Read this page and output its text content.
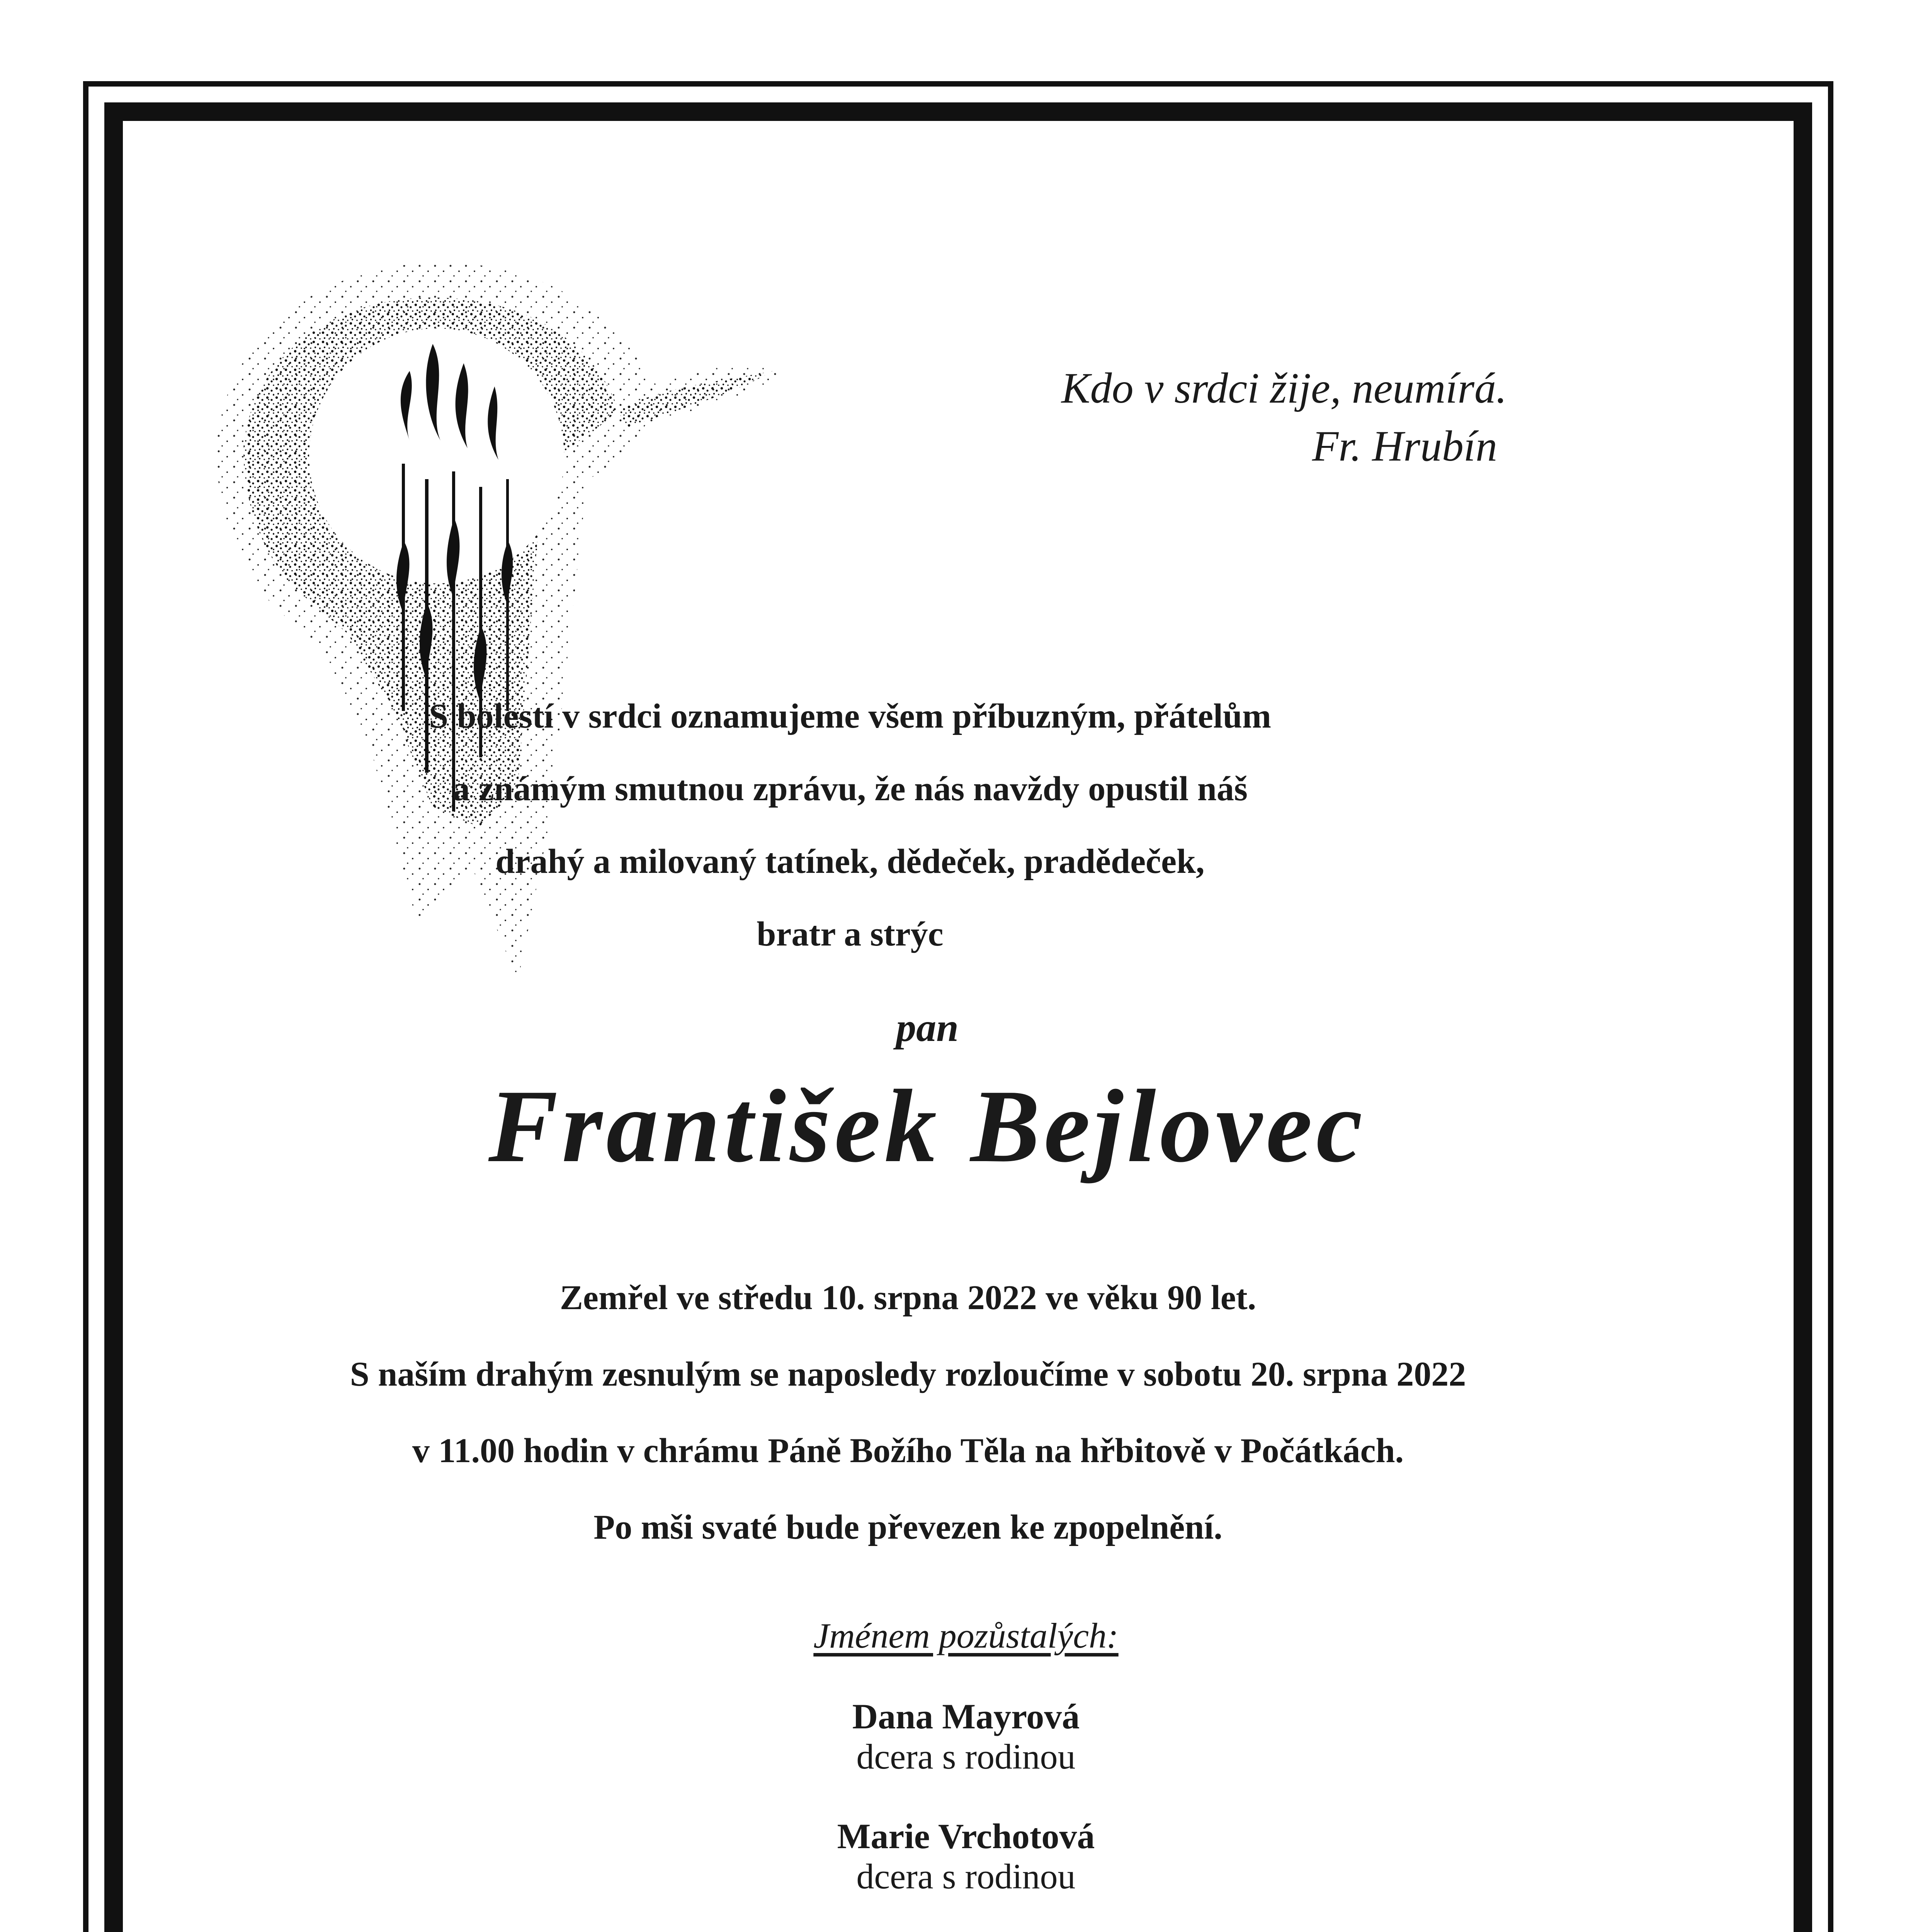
Kdo v srdci žije, neumírá.
Fr. Hrubín
S bolestí v srdci oznamujeme všem příbuzným, přátelům
a známým smutnou zprávu, že nás navždy opustil náš
drahý a milovaný tatínek, dědeček, pradědeček,
bratr a strýc
pan
František Bejlovec
Zemřel ve středu 10. srpna 2022 ve věku 90 let.
S naším drahým zesnulým se naposledy rozloučíme v sobotu 20. srpna 2022
v 11.00 hodin v chrámu Páně Božího Těla na hřbitově v Počátkách.
Po mši svaté bude převezen ke zpopelnění.
Jménem pozůstalých:
Dana Mayrová
dcera s rodinou
Marie Vrchotová
dcera s rodinou
